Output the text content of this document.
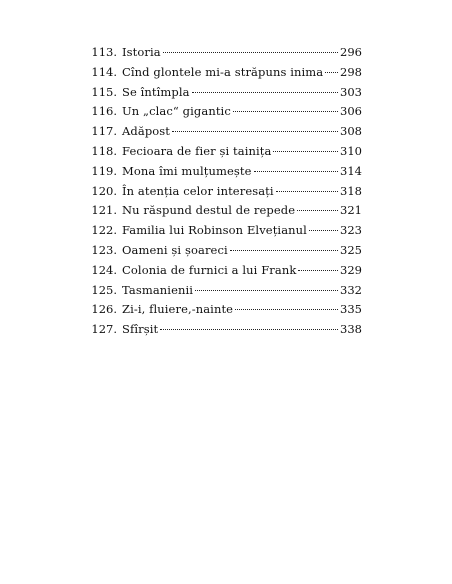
113. Istoria	296
114. Cînd glontele mi-a străpuns inima 298
115. Se întîmpla	303
116. Un „clac“ gigantic	306
117. Adăpost	308
118. Fecioara de fier și tainița	310
119. Mona îmi mulțumește	314
120. În atenția celor interesați	318
121. Nu răspund destul de repede	321
122. Familia lui Robinson Elvețianul	323
123. Oameni și șoareci	325
124. Colonia de furnici a lui Frank	329
125. Tasmanienii	332
126. Zi-i, fluiere,-nainte	335
127. Sfîrșit	338
